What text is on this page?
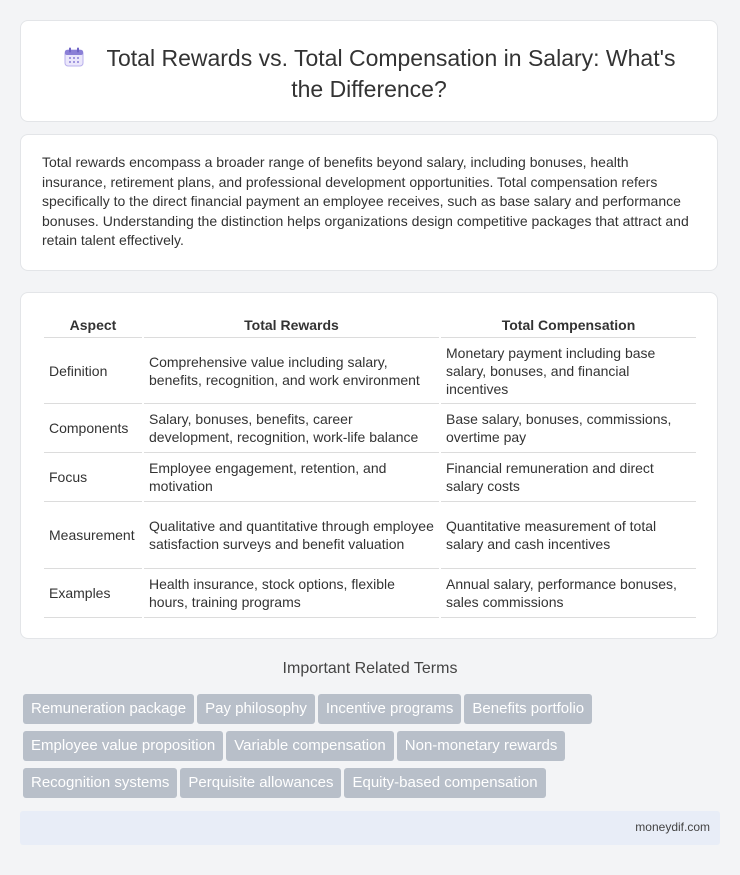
Total Rewards vs. Total Compensation in Salary: What's the Difference?

Total rewards encompass a broader range of benefits beyond salary, including bonuses, health insurance, retirement plans, and professional development opportunities. Total compensation refers specifically to the direct financial payment an employee receives, such as base salary and performance bonuses. Understanding the distinction helps organizations design competitive packages that attract and retain talent effectively.

Aspect	Total Rewards	Total Compensation
Definition	Comprehensive value including salary, benefits, recognition, and work environment	Monetary payment including base salary, bonuses, and financial incentives
Components	Salary, bonuses, benefits, career development, recognition, work-life balance	Base salary, bonuses, commissions, overtime pay
Focus	Employee engagement, retention, and motivation	Financial remuneration and direct salary costs
Measurement	Qualitative and quantitative through employee satisfaction surveys and benefit valuation	Quantitative measurement of total salary and cash incentives
Examples	Health insurance, stock options, flexible hours, training programs	Annual salary, performance bonuses, sales commissions
Important Related Terms
Remuneration package Pay philosophy Incentive programs Benefits portfolio
Employee value proposition Variable compensation Non-monetary rewards
Recognition systems Perquisite allowances Equity-based compensation
moneydif.com
